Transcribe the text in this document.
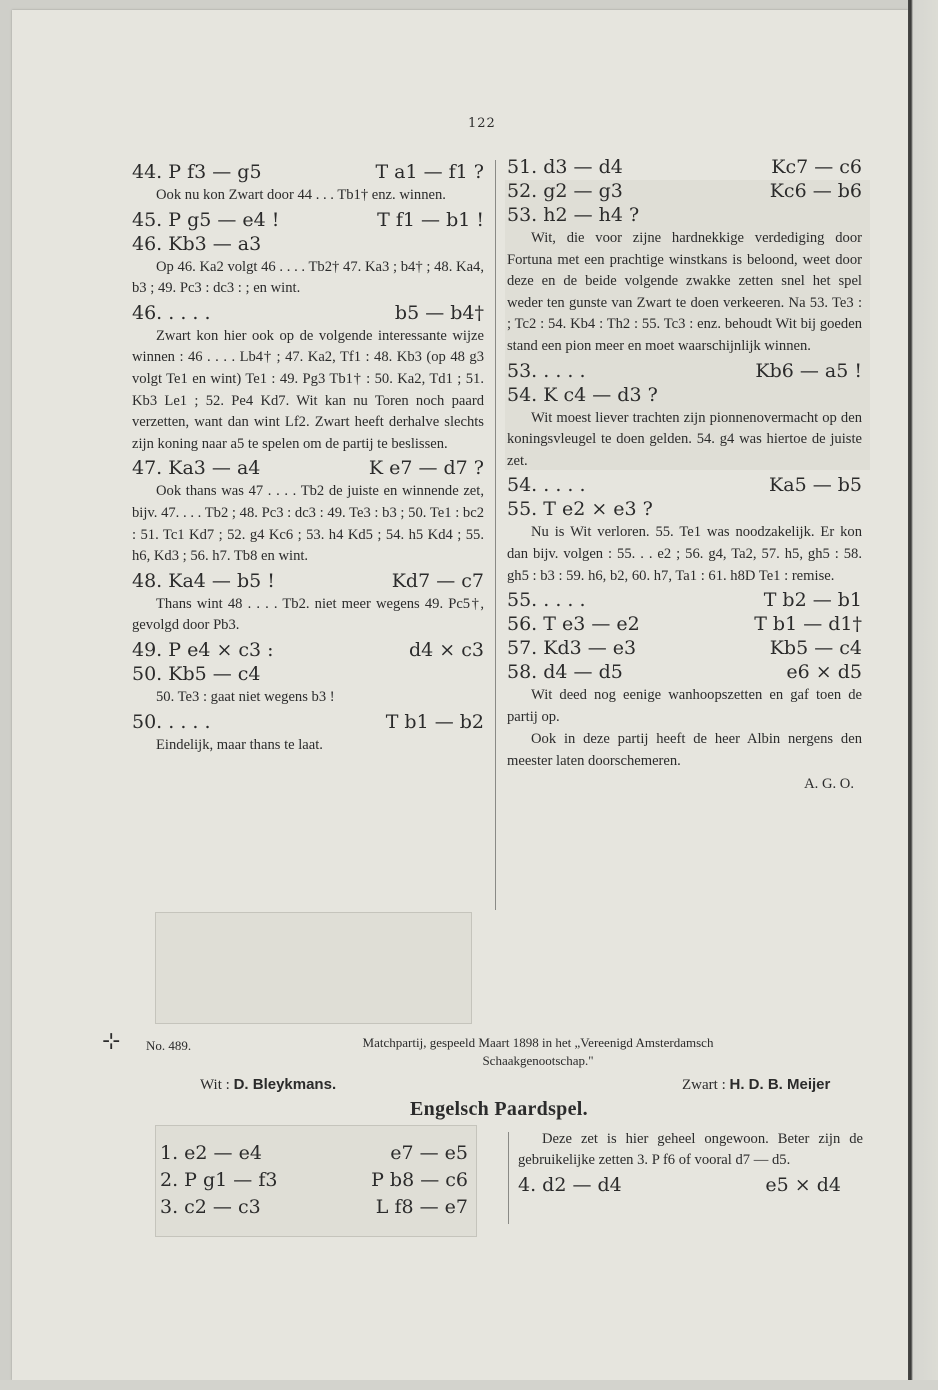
122
44. P f3 — g5	T a1 — f1 ?

Ook nu kon Zwart door 44 . . . Tb1† enz. winnen.

45. P g5 — e4 !	T f1 — b1 !
46. Kb3 — a3

Op 46. Ka2 volgt 46 . . . . Tb2† 47. Ka3 ; b4† ; 48. Ka4, b3 ; 49. Pc3 : dc3 : ; en wint.

46. . . . .	b5 — b4†

Zwart kon hier ook op de volgende interessante wijze winnen : 46 . . . . Lb4† ; 47. Ka2, Tf1 : 48. Kb3 (op 48 g3 volgt Te1 en wint) Te1 : 49. Pg3 Tb1† : 50. Ka2, Td1 ; 51. Kb3 Le1 ; 52. Pe4 Kd7. Wit kan nu Toren noch paard verzetten, want dan wint Lf2. Zwart heeft derhalve slechts zijn koning naar a5 te spelen om de partij te beslissen.

47. Ka3 — a4	K e7 — d7 ?

Ook thans was 47 . . . . Tb2 de juiste en winnende zet, bijv. 47. . . . Tb2 ; 48. Pc3 : dc3 : 49. Te3 : b3 ; 50. Te1 : bc2 : 51. Tc1 Kd7 ; 52. g4 Kc6 ; 53. h4 Kd5 ; 54. h5 Kd4 ; 55. h6, Kd3 ; 56. h7. Tb8 en wint.

48. Ka4 — b5 !	Kd7 — c7

Thans wint 48 . . . . Tb2. niet meer wegens 49. Pc5†, gevolgd door Pb3.

49. P e4 × c3 :	d4 × c3
50. Kb5 — c4

50. Te3 : gaat niet wegens b3 !

50. . . . .	T b1 — b2

Eindelijk, maar thans te laat.

51. d3 — d4	Kc7 — c6
52. g2 — g3	Kc6 — b6
53. h2 — h4 ?

Wit, die voor zijne hardnekkige verdediging door Fortuna met een prachtige winstkans is beloond, weet door deze en de beide volgende zwakke zetten snel het spel weder ten gunste van Zwart te doen verkeeren. Na 53. Te3 : ; Tc2 : 54. Kb4 : Th2 : 55. Tc3 : enz. behoudt Wit bij goeden stand een pion meer en moet waarschijnlijk winnen.

53. . . . .	Kb6 — a5 !
54. K c4 — d3 ?

Wit moest liever trachten zijn pionnenovermacht op den koningsvleugel te doen gelden. 54. g4 was hiertoe de juiste zet.

54. . . . .	Ka5 — b5
55. T e2 × e3 ?

Nu is Wit verloren. 55. Te1 was noodzakelijk. Er kon dan bijv. volgen : 55. . . e2 ; 56. g4, Ta2, 57. h5, gh5 : 58. gh5 : b3 : 59. h6, b2, 60. h7, Ta1 : 61. h8D Te1 : remise.

55. . . . .	T b2 — b1
56. T e3 — e2	T b1 — d1†
57. Kd3 — e3	Kb5 — c4
58. d4 — d5	e6 × d5

Wit deed nog eenige wanhoopszetten en gaf toen de partij op.

Ook in deze partij heeft de heer Albin nergens den meester laten doorschemeren.

A. G. O.
⊹ No. 489.	Matchpartij, gespeeld Maart 1898 in het „Vereenigd Amsterdamsch
Schaakgenootschap."
Wit : D. Bleykmans.	Zwart : H. D. B. Meijer
Engelsch Paardspel.
1. e2 — e4	e7 — e5
2. P g1 — f3	P b8 — c6
3. c2 — c3	L f8 — e7

Deze zet is hier geheel ongewoon. Beter zijn de gebruikelijke zetten 3. P f6 of vooral d7 — d5.

4. d2 — d4	e5 × d4
